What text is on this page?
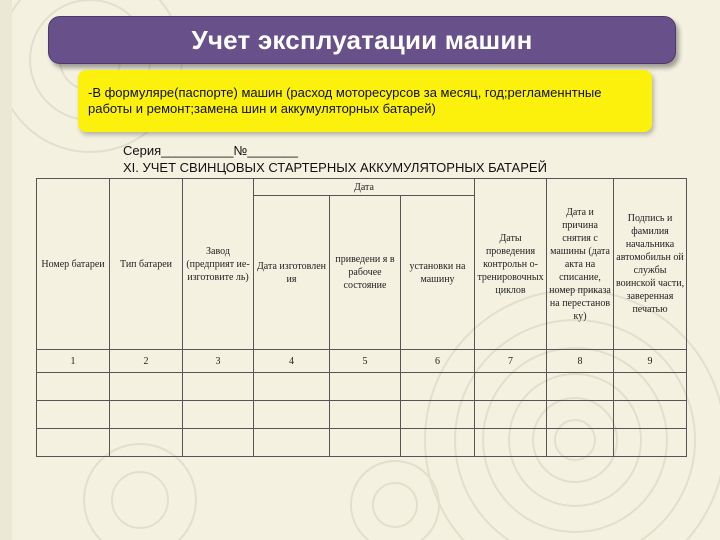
Учет эксплуатации машин
-В формуляре(паспорте) машин (расход моторесурсов за месяц, год;регламеннтные работы и ремонт;замена шин и аккумуляторных батарей)
Серия__________№_______
XI. УЧЕТ СВИНЦОВЫХ СТАРТЕРНЫХ АККУМУЛЯТОРНЫХ БАТАРЕЙ
Номер батареи	Тип батареи	Завод (предприят ие-изготовите ль)	Дата			Даты проведения контрольн о-тренировочных циклов	Дата и причина снятия с машины (дата акта на списание, номер приказа на перестанов ку)	Подпись и фамилия начальника автомобильн ой службы воинской части, заверенная печатью
			Дата изготовлен ия	приведени я в рабочее состояние	установки на машину			
1	2	3	4	5	6	7	8	9
